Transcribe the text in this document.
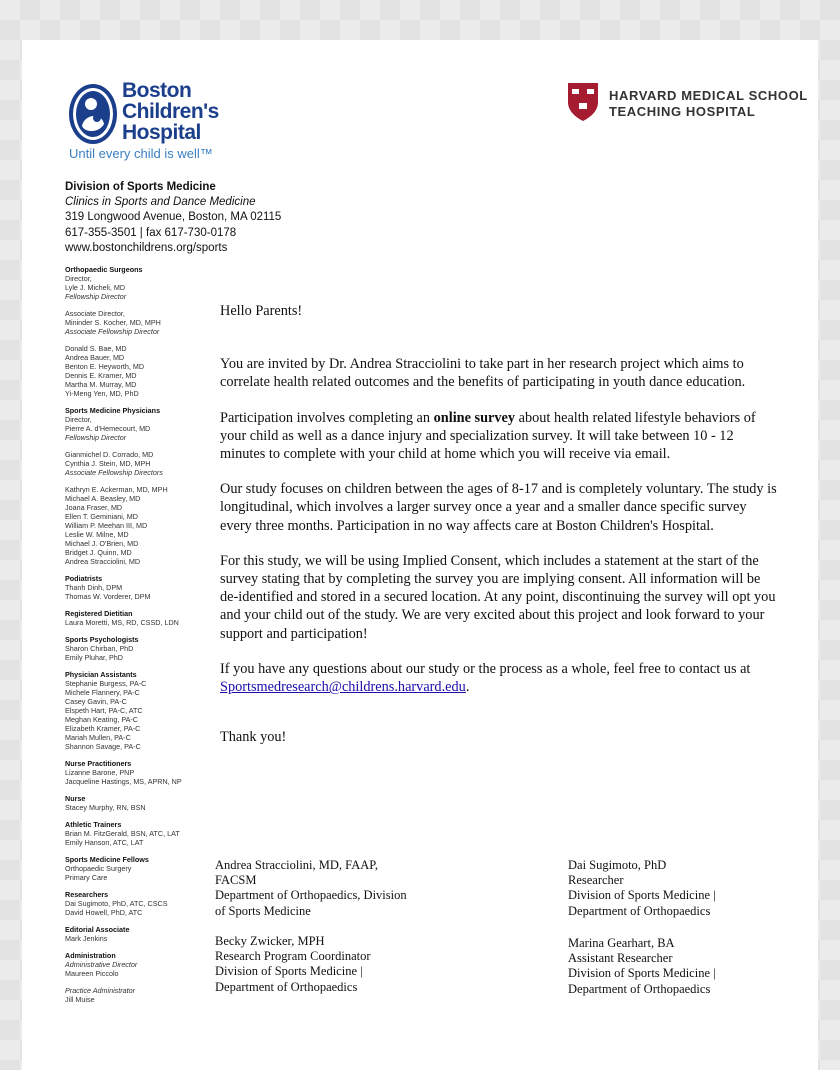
Boston
Children's
Hospital
Until every child is well™
HARVARD MEDICAL SCHOOL
TEACHING HOSPITAL
Division of Sports Medicine
Clinics in Sports and Dance Medicine
319 Longwood Avenue, Boston, MA 02115
617-355-3501 | fax 617-730-0178
www.bostonchildrens.org/sports
Orthopaedic Surgeons
Director,
Lyle J. Micheli, MD
Fellowship Director
Associate Director,
Mininder S. Kocher, MD, MPH
Associate Fellowship Director
Donald S. Bae, MD
Andrea Bauer, MD
Benton E. Heyworth, MD
Dennis E. Kramer, MD
Martha M. Murray, MD
Yi-Meng Yen, MD, PhD
Sports Medicine Physicians
Director,
Pierre A. d'Hemecourt, MD
Fellowship Director
Gianmichel D. Corrado, MD
Cynthia J. Stein, MD, MPH
Associate Fellowship Directors
Kathryn E. Ackerman, MD, MPH
Michael A. Beasley, MD
Joana Fraser, MD
Ellen T. Geminiani, MD
William P. Meehan III, MD
Leslie W. Milne, MD
Michael J. O'Brien, MD
Bridget J. Quinn, MD
Andrea Stracciolini, MD
Podiatrists
Thanh Dinh, DPM
Thomas W. Vorderer, DPM
Registered Dietitian
Laura Moretti, MS, RD, CSSD, LDN
Sports Psychologists
Sharon Chirban, PhD
Emily Pluhar, PhD
Physician Assistants
Stephanie Burgess, PA-C
Michele Flannery, PA-C
Casey Gavin, PA-C
Elspeth Hart, PA-C, ATC
Meghan Keating, PA-C
Elizabeth Kramer, PA-C
Mariah Mullen, PA-C
Shannon Savage, PA-C
Nurse Practitioners
Lizanne Barone, PNP
Jacqueline Hastings, MS, APRN, NP
Nurse
Stacey Murphy, RN, BSN
Athletic Trainers
Brian M. FitzGerald, BSN, ATC, LAT
Emily Hanson, ATC, LAT
Sports Medicine Fellows
Orthopaedic Surgery
Primary Care
Researchers
Dai Sugimoto, PhD, ATC, CSCS
David Howell, PhD, ATC
Editorial Associate
Mark Jenkins
Administration
Administrative Director
Maureen Piccolo
Practice Administrator
Jill Muise

Hello Parents!

You are invited by Dr. Andrea Stracciolini to take part in her research project which aims to correlate health related outcomes and the benefits of participating in youth dance education.

Participation involves completing an online survey about health related lifestyle behaviors of your child as well as a dance injury and specialization survey. It will take between 10 - 12 minutes to complete with your child at home which you will receive via email.

Our study focuses on children between the ages of 8-17 and is completely voluntary. The study is longitudinal, which involves a larger survey once a year and a smaller dance specific survey every three months. Participation in no way affects care at Boston Children's Hospital.

For this study, we will be using Implied Consent, which includes a statement at the start of the survey stating that by completing the survey you are implying consent. All information will be de-identified and stored in a secured location. At any point, discontinuing the survey will opt you and your child out of the study. We are very excited about this project and look forward to your support and participation!

If you have any questions about our study or the process as a whole, feel free to contact us at Sportsmedresearch@childrens.harvard.edu.

Thank you!

Andrea Stracciolini, MD, FAAP,
FACSM
Department of Orthopaedics, Division
of Sports Medicine
Becky Zwicker, MPH
Research Program Coordinator
Division of Sports Medicine |
Department of Orthopaedics
Dai Sugimoto, PhD
Researcher
Division of Sports Medicine |
Department of Orthopaedics
Marina Gearhart, BA
Assistant Researcher
Division of Sports Medicine |
Department of Orthopaedics
